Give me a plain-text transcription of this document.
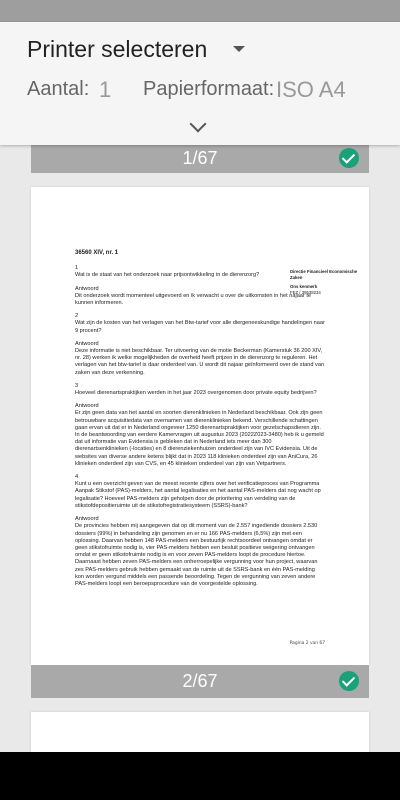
Printer selecteren
Aantal: 1 Papierformaat: ISO A4
1/67

36560 XIV, nr. 1

1
Wat is de staat van het onderzoek naar prijsontwikkeling in de dierenzorg?

Antwoord
Dit onderzoek wordt momenteel uitgevoerd en ik verwacht u over de uitkomsten in het najaar te kunnen informeren.

2
Wat zijn de kosten van het verlagen van het Btw-tarief voor alle diergeneeskundige handelingen naar 9 procent?

Antwoord
Deze informatie is niet beschikbaar. Ter uitvoering van de motie Beckerman (Kamerstuk 36 200 XIV, nr. 28) werken ik welke mogelijkheden de overheid heeft prijzen in de dierenzorg te reguleren. Het verlagen van het btw-tarief is daar onderdeel van. U wordt dit najaar geïnformeerd over de stand van zaken van deze verkenning.

3
Hoeveel dierenartspraktijken werden in het jaar 2023 overgenomen door private equity bedrijven?

Antwoord
Er zijn geen data van het aantal en soorten dierenklinieken in Nederland beschikbaar. Ook zijn geen betrouwbare acquisitiedata van overnamen van dierenklinieken bekend. Verschillende schattingen gaan ervan uit dat er in Nederland ongeveer 1250 dierenartspraktijken voor gezelschapsdieren zijn. In de beantwoording van eerdere Kamervragen uit augustus 2023 (2022Z023-3480) heb ik u gemeld dat uit informatie van Evidensia is gebleken dat in Nederland iets meer dan 300 dierenartsenklinieken (-locaties) en 8 dierenziekenhuizen onderdeel zijn van IVC Evidensia. Uit de websites van diverse andere ketens blijkt dat in 2023 118 klinieken onderdeel zijn van AniCura, 26 klinieken onderdeel zijn van CVS, en 45 klinieken onderdeel van zijn van Vetpartners.

4
Kunt u een overzicht geven van de meest recente cijfers over het verificatieproces van Programma Aanpak Stikstof (PAS)-melders, het aantal legalisaties en het aantal PAS-melders dat nog wacht op legalisatie? Hoeveel PAS-melders zijn geholpen door de prioritering van verdeling van de stikstofdepositieruimte uit de stikstofregistratiesysteem (SSRS)-bank?

Antwoord
De provincies hebben mij aangegeven dat op dit moment van de 2.557 ingediende dossiers 2.530 dossiers (99%) in behandeling zijn genomen en er nu 166 PAS-melders (6,5%) zijn met een oplossing. Daarvan hebben 148 PAS-melders een bestuurlijk rechtsoordeel ontvangen omdat er geen stikstofruimte nodig is, vier PAS-melders hebben een besluit positieve weigering ontvangen omdat er geen stikstofruimte nodig is en voor zeven PAS-melders loopt de procedure hiertoe. Daarnaast hebben zeven PAS-melders een onherroepelijke vergunning voor hun project, waarvan zes PAS-melders gebruik hebben gemaakt van de ruimte uit de SSRS-bank en één PAS-melding kon worden vergund middels een passende beoordeling. Tegen de vergunning van zeven andere PAS-melders loopt een beroepsprocedure van de voorgestelde oplossing.

Directie Financieel Economische Zaken
Ons kenmerk
FEZ / 39538234
Pagina 2 van 67
2/67
